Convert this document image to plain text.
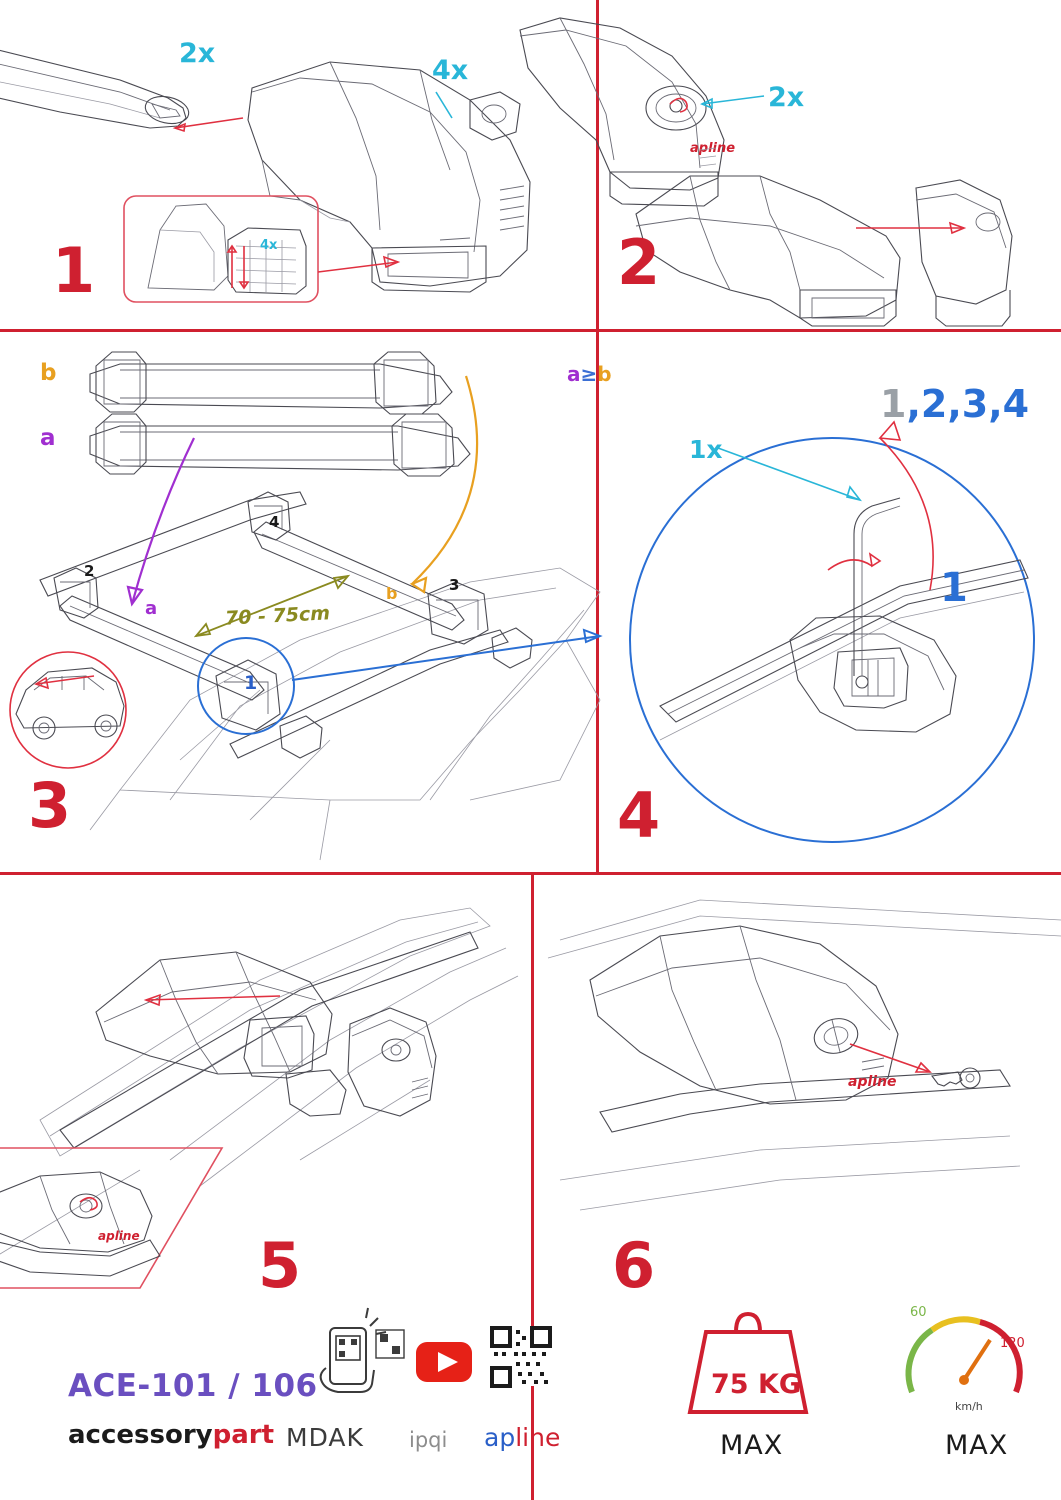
2x
4x
4x
1
apline
2x
2
b
a
a
b
70 - 75cm
1
2
3
4
3
1x
a≥b
1,2,3,4
1
4
apline 5
apline
6
ACE-101 / 106
accessorypart MDAK ipqi apline
75 KG
MAX	MAX
km/h
60
120
